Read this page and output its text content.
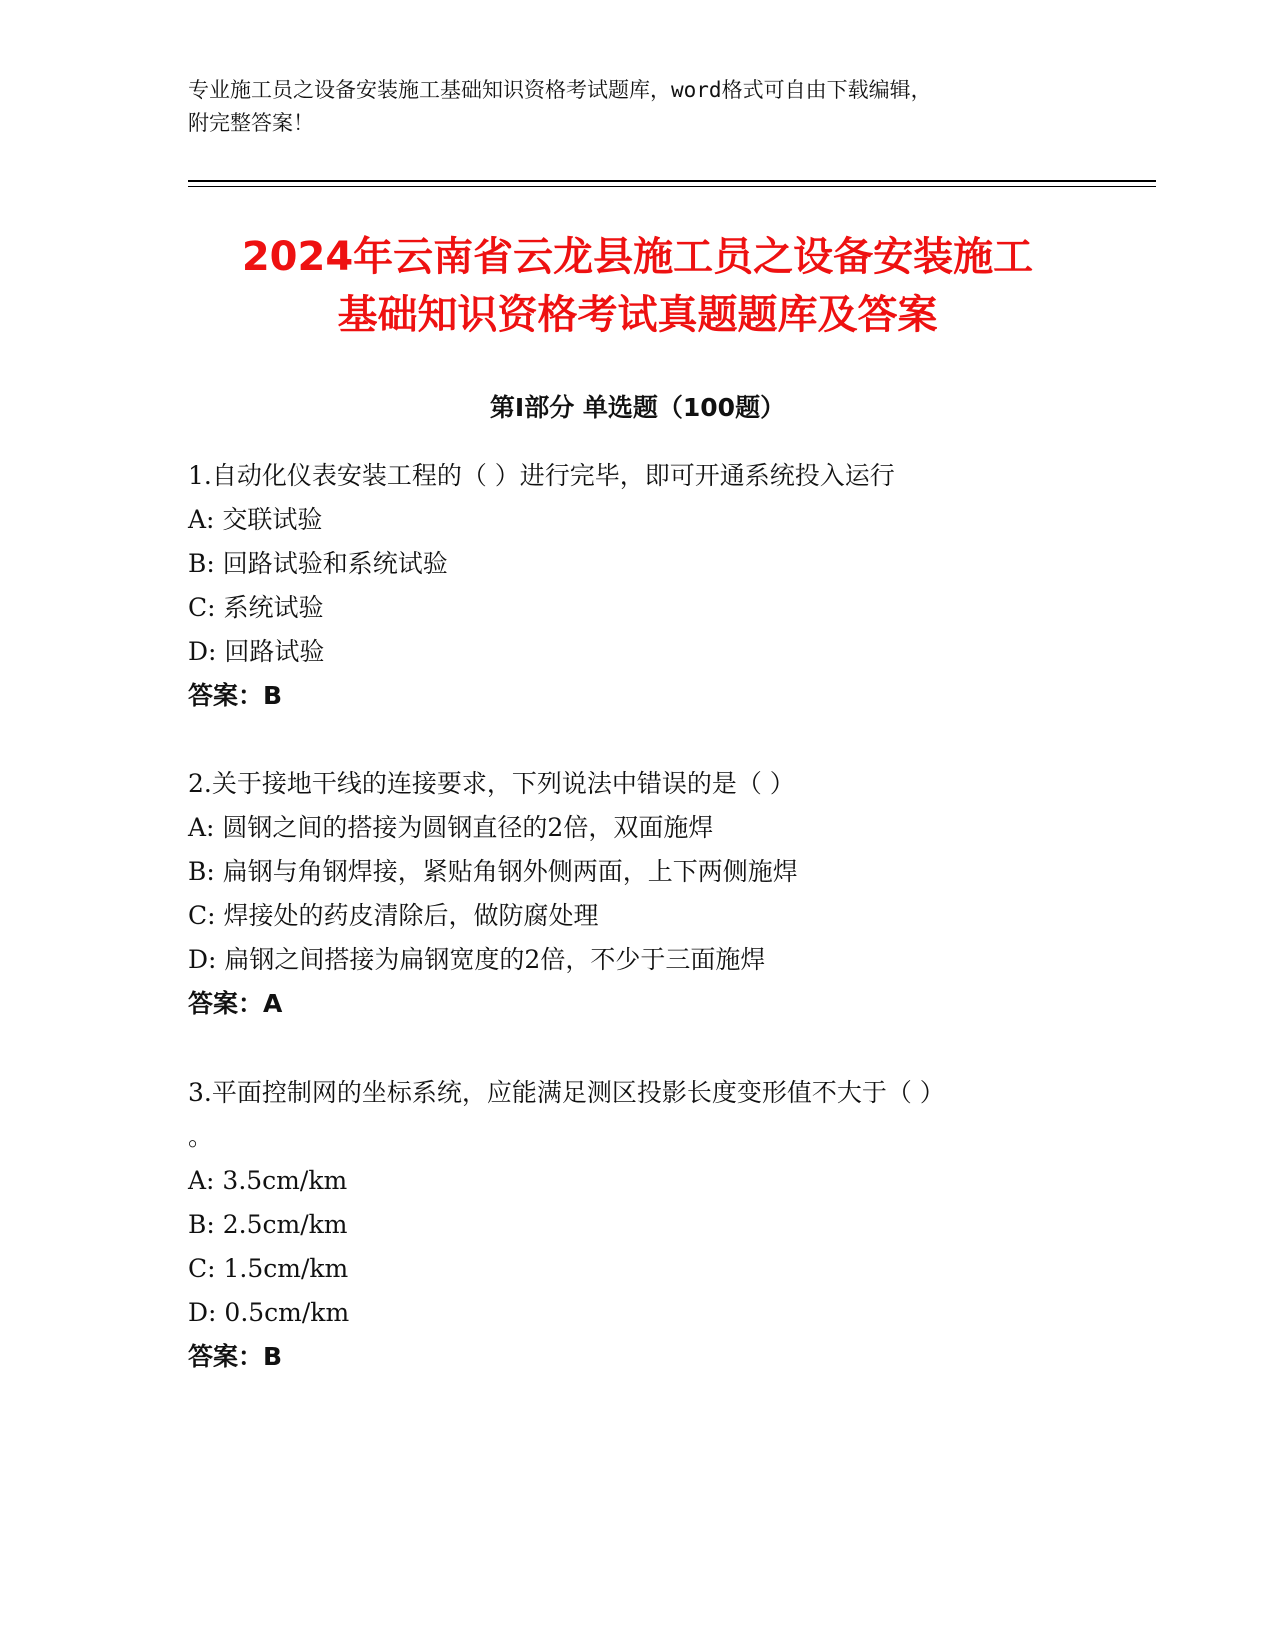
专业施工员之设备安装施工基础知识资格考试题库，word格式可自由下载编辑，
附完整答案！
2024年云南省云龙县施工员之设备安装施工
基础知识资格考试真题题库及答案
第Ⅰ部分 单选题（100题）
1.自动化仪表安装工程的（ ）进行完毕，即可开通系统投入运行
A: 交联试验
B: 回路试验和系统试验
C: 系统试验
D: 回路试验
答案：B
2.关于接地干线的连接要求，下列说法中错误的是（ ）
A: 圆钢之间的搭接为圆钢直径的2倍，双面施焊
B: 扁钢与角钢焊接，紧贴角钢外侧两面，上下两侧施焊
C: 焊接处的药皮清除后，做防腐处理
D: 扁钢之间搭接为扁钢宽度的2倍，不少于三面施焊
答案：A
3.平面控制网的坐标系统，应能满足测区投影长度变形值不大于（ ）
。
A: 3.5cm/km
B: 2.5cm/km
C: 1.5cm/km
D: 0.5cm/km
答案：B
